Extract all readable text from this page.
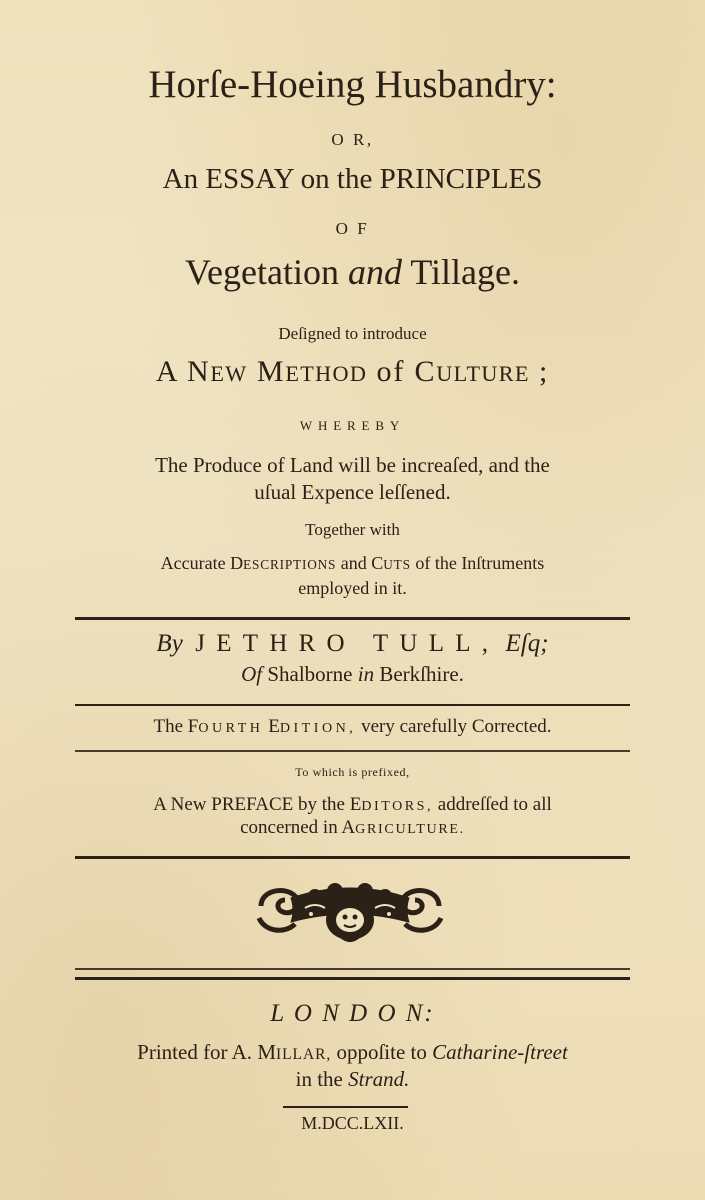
Horſe-Hoeing Husbandry:
O R,
An ESSAY on the PRINCIPLES
O F
Vegetation and Tillage.
Deſigned to introduce
A NEW METHOD of CULTURE ;
WHEREBY
The Produce of Land will be increaſed, and the
uſual Expence leſſened.
Together with
Accurate DESCRIPTIONS and CUTS of the Inſtruments
employed in it.
By JETHRO TULL, Eſq;
Of Shalborne in Berkſhire.
The FOURTH EDITION, very carefully Corrected.
To which is prefixed,
A New PREFACE by the EDITORS, addreſſed to all
concerned in AGRICULTURE.
L O N D O N:
Printed for A. MILLAR, oppoſite to Catharine-ſtreet
in the Strand.
M.DCC.LXII.
